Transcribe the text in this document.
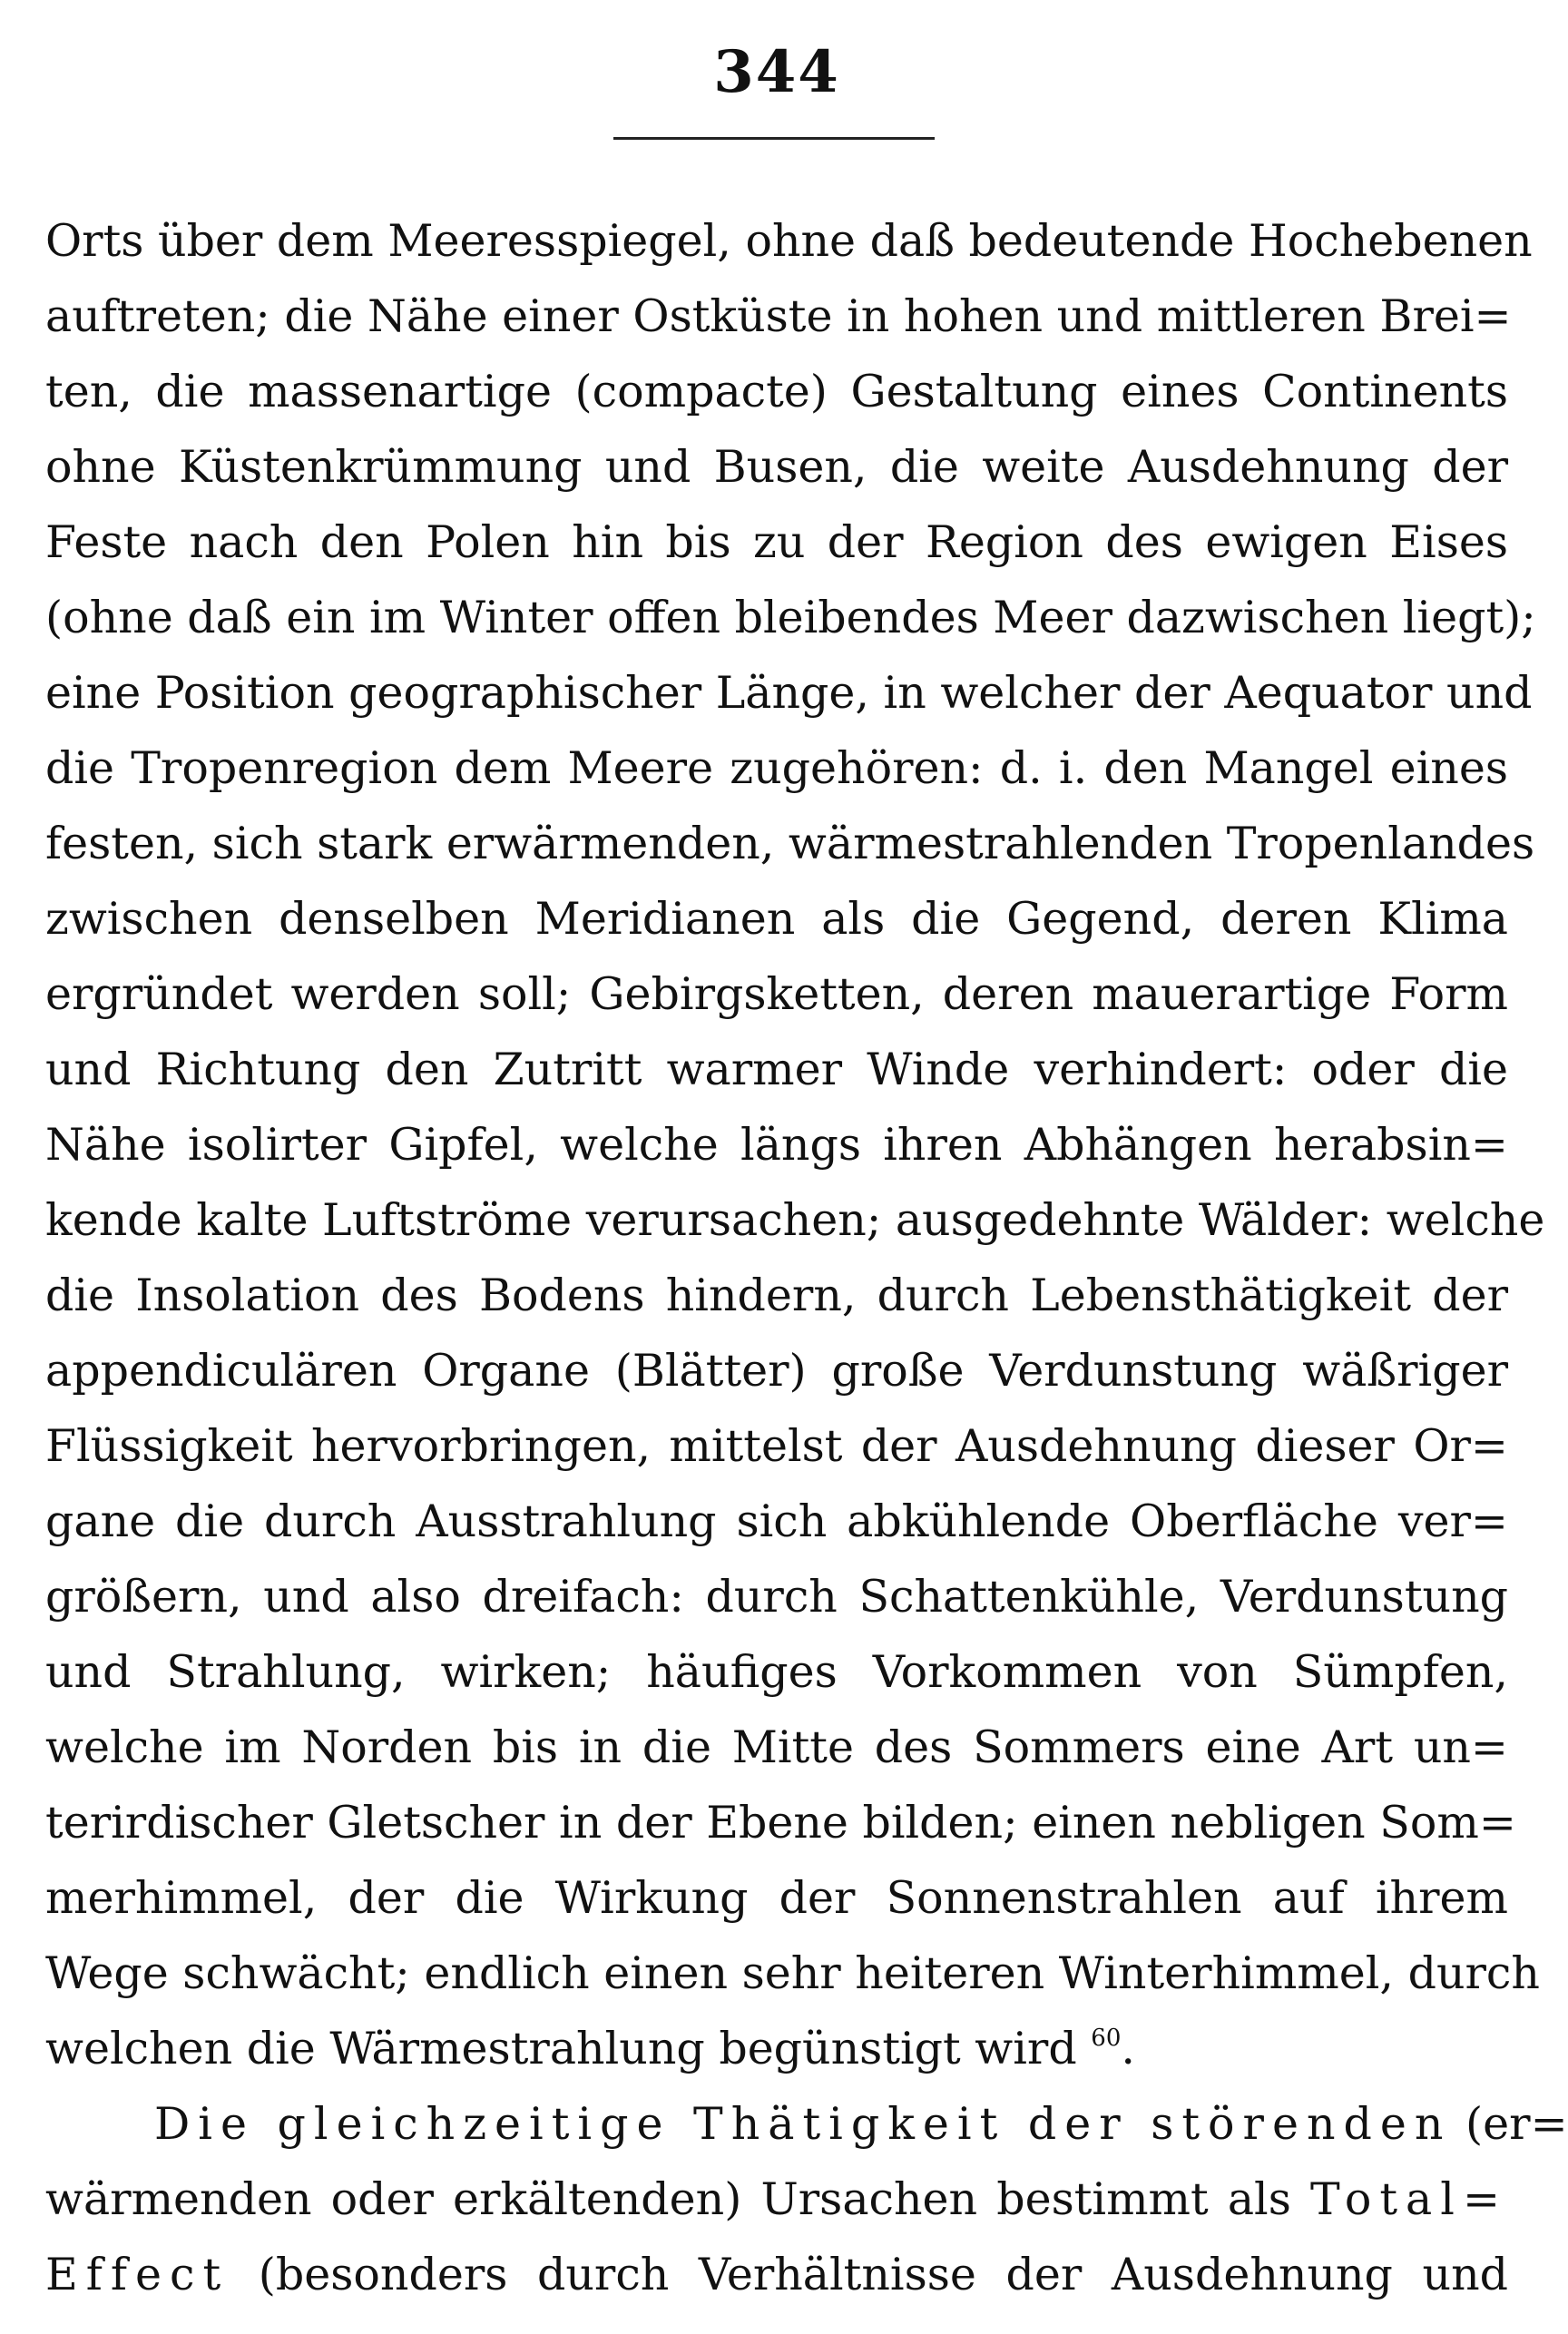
344
Orts über dem Meeresspiegel, ohne daß bedeutende Hochebenen
auftreten; die Nähe einer Ostküste in hohen und mittleren Brei=
ten, die massenartige (compacte) Gestaltung eines Continents
ohne Küstenkrümmung und Busen, die weite Ausdehnung der
Feste nach den Polen hin bis zu der Region des ewigen Eises
(ohne daß ein im Winter offen bleibendes Meer dazwischen liegt);
eine Position geographischer Länge, in welcher der Aequator und
die Tropenregion dem Meere zugehören: d. i. den Mangel eines
festen, sich stark erwärmenden, wärmestrahlenden Tropenlandes
zwischen denselben Meridianen als die Gegend, deren Klima
ergründet werden soll; Gebirgsketten, deren mauerartige Form
und Richtung den Zutritt warmer Winde verhindert: oder die
Nähe isolirter Gipfel, welche längs ihren Abhängen herabsin=
kende kalte Luftströme verursachen; ausgedehnte Wälder: welche
die Insolation des Bodens hindern, durch Lebensthätigkeit der
appendiculären Organe (Blätter) große Verdunstung wäßriger
Flüssigkeit hervorbringen, mittelst der Ausdehnung dieser Or=
gane die durch Ausstrahlung sich abkühlende Oberfläche ver=
größern, und also dreifach: durch Schattenkühle, Verdunstung
und Strahlung, wirken; häufiges Vorkommen von Sümpfen,
welche im Norden bis in die Mitte des Sommers eine Art un=
terirdischer Gletscher in der Ebene bilden; einen nebligen Som=
merhimmel, der die Wirkung der Sonnenstrahlen auf ihrem
Wege schwächt; endlich einen sehr heiteren Winterhimmel, durch
welchen die Wärmestrahlung begünstigt wird $^{60}$.
Die gleichzeitige Thätigkeit der störenden (er=
wärmenden oder erkältenden) Ursachen bestimmt als Total=
Effect (besonders durch Verhältnisse der Ausdehnung und
